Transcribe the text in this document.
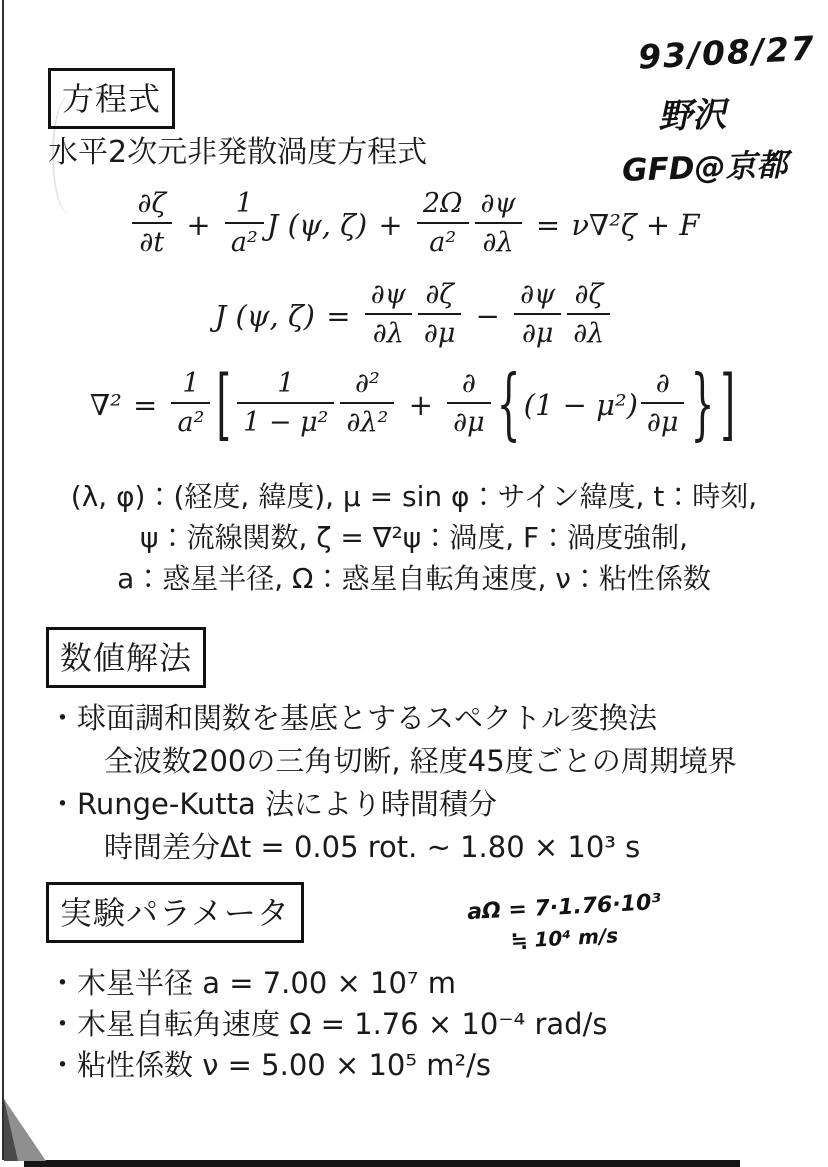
93/08/27
野沢
GFD@京都
方程式
水平2次元非発散渦度方程式
$\frac{\partial\zeta}{\partial t} + \frac{1}{\text{a²}}$ J (ψ, $\zeta) + \frac{2\Omega}{\text{a²}} \frac{\partial\psi}{\partial\lambda} = \nu\nabla^2\zeta + F$
J (ψ, $\zeta) = \frac{\partial\psi}{\partial\lambda} \frac{\partial\zeta}{\partial\mu} - \frac{\partial\psi}{\partial\mu} \frac{\partial\zeta}{\partial\lambda}$
$\nabla^2 = \frac{1}{\text{a²}}$ [ $\frac{1}{\text{1 − μ²}} \frac{\text{∂²}}{\text{∂λ²}} + \frac{\partial}{\partial\mu}$ { $(1 - \mu^2) \frac{\partial}{\partial\mu}$ } ]
(λ, φ)：(経度, 緯度), μ = sin φ：サイン緯度, t：時刻,
ψ：流線関数, ζ = ∇²ψ：渦度, F：渦度強制,
a：惑星半径, Ω：惑星自転角速度, ν：粘性係数
数値解法
・球面調和関数を基底とするスペクトル変換法
全波数200の三角切断, 経度45度ごとの周期境界
・Runge-Kutta 法により時間積分
時間差分Δt = 0.05 rot. ∼ 1.80 × 10³ s
実験パラメータ	aΩ = 7·1.76·10³
≒ 10⁴ m/s
・木星半径 a = 7.00 × 10⁷ m
・木星自転角速度 Ω = 1.76 × 10⁻⁴ rad/s
・粘性係数 ν = 5.00 × 10⁵ m²/s
